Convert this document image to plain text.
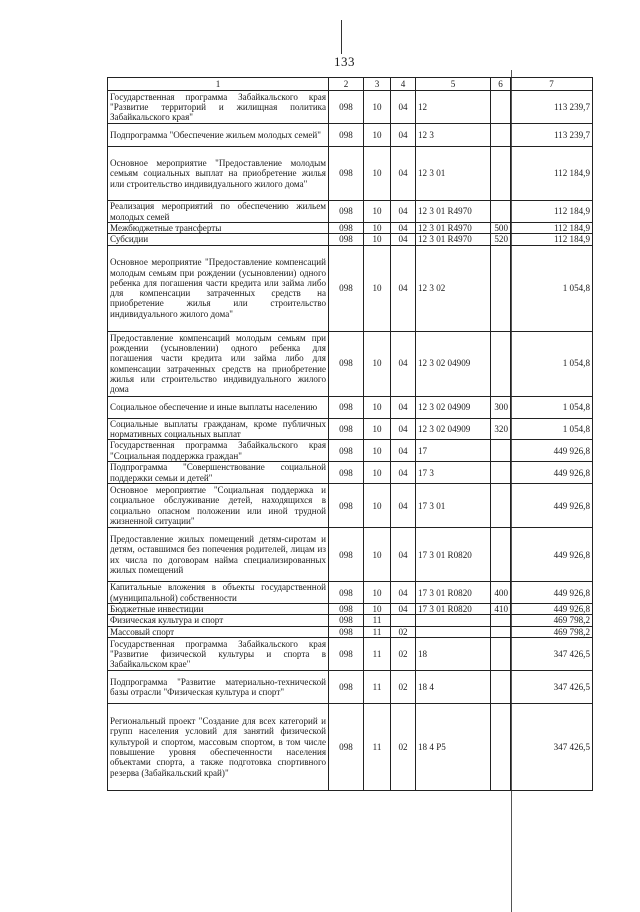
133
1	2	3	4	5	6	7
Государственная программа Забайкальского края "Развитие территорий и жилищная политика Забайкальского края"	098	10	04	12		113 239,7
Подпрограмма "Обеспечение жильем молодых семей"	098	10	04	12 3		113 239,7
Основное мероприятие "Предоставление молодым семьям социальных выплат на приобретение жилья или строительство индивидуального жилого дома"	098	10	04	12 3 01		112 184,9
Реализация мероприятий по обеспечению жильем молодых семей	098	10	04	12 3 01 R4970		112 184,9
Межбюджетные трансферты	098	10	04	12 3 01 R4970	500	112 184,9
Субсидии	098	10	04	12 3 01 R4970	520	112 184,9
Основное мероприятие "Предоставление компенсаций молодым семьям при рождении (усыновлении) одного ребенка для погашения части кредита или займа либо для компенсации затраченных средств на приобретение жилья или строительство индивидуального жилого дома"	098	10	04	12 3 02		1 054,8
Предоставление компенсаций молодым семьям при рождении (усыновлении) одного ребенка для погашения части кредита или займа либо для компенсации затраченных средств на приобретение жилья или строительство индивидуального жилого дома	098	10	04	12 3 02 04909		1 054,8
Социальное обеспечение и иные выплаты населению	098	10	04	12 3 02 04909	300	1 054,8
Социальные выплаты гражданам, кроме публичных нормативных социальных выплат	098	10	04	12 3 02 04909	320	1 054,8
Государственная программа Забайкальского края "Социальная поддержка граждан"	098	10	04	17		449 926,8
Подпрограмма "Совершенствование социальной поддержки семьи и детей"	098	10	04	17 3		449 926,8
Основное мероприятие "Социальная поддержка и социальное обслуживание детей, находящихся в социально опасном положении или иной трудной жизненной ситуации"	098	10	04	17 3 01		449 926,8
Предоставление жилых помещений детям-сиротам и детям, оставшимся без попечения родителей, лицам из их числа по договорам найма специализированных жилых помещений	098	10	04	17 3 01 R0820		449 926,8
Капитальные вложения в объекты государственной (муниципальной) собственности	098	10	04	17 3 01 R0820	400	449 926,8
Бюджетные инвестиции	098	10	04	17 3 01 R0820	410	449 926,8
Физическая культура и спорт	098	11				469 798,2
Массовый спорт	098	11	02			469 798,2
Государственная программа Забайкальского края "Развитие физической культуры и спорта в Забайкальском крае"	098	11	02	18		347 426,5
Подпрограмма "Развитие материально-технической базы отрасли "Физическая культура и спорт"	098	11	02	18 4		347 426,5
Региональный проект "Создание для всех категорий и групп населения условий для занятий физической культурой и спортом, массовым спортом, в том числе повышение уровня обеспеченности населения объектами спорта, а также подготовка спортивного резерва (Забайкальский край)"	098	11	02	18 4 P5		347 426,5
